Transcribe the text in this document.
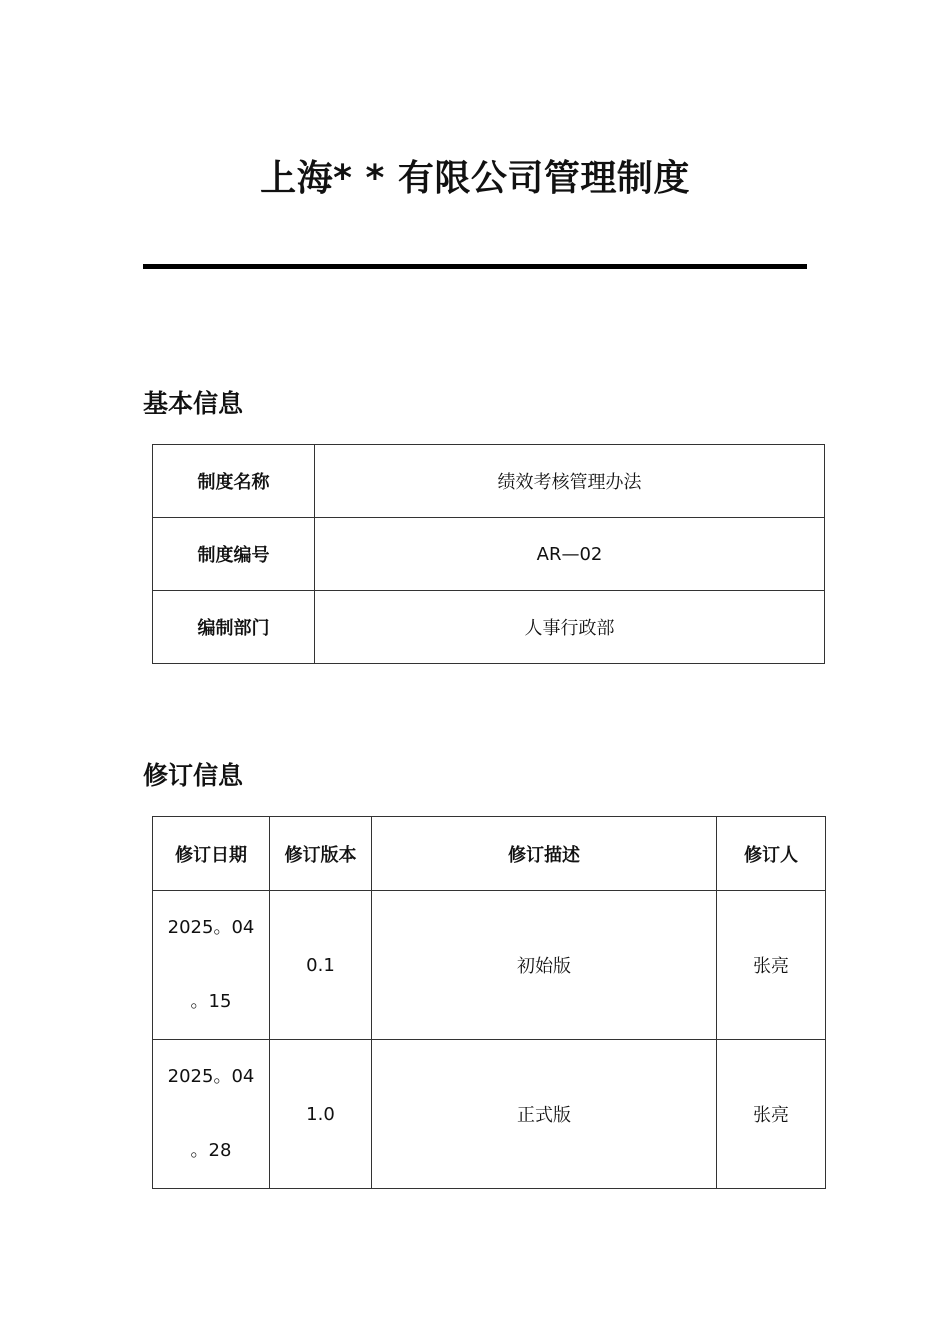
上海* * 有限公司管理制度
基本信息
制度名称	绩效考核管理办法
制度编号	AR—02
编制部门	人事行政部
修订信息
修订日期	修订版本	修订描述	修订人

2025。04
。15	0.1	初始版	张亮

2025。04
。28	1.0	正式版	张亮
